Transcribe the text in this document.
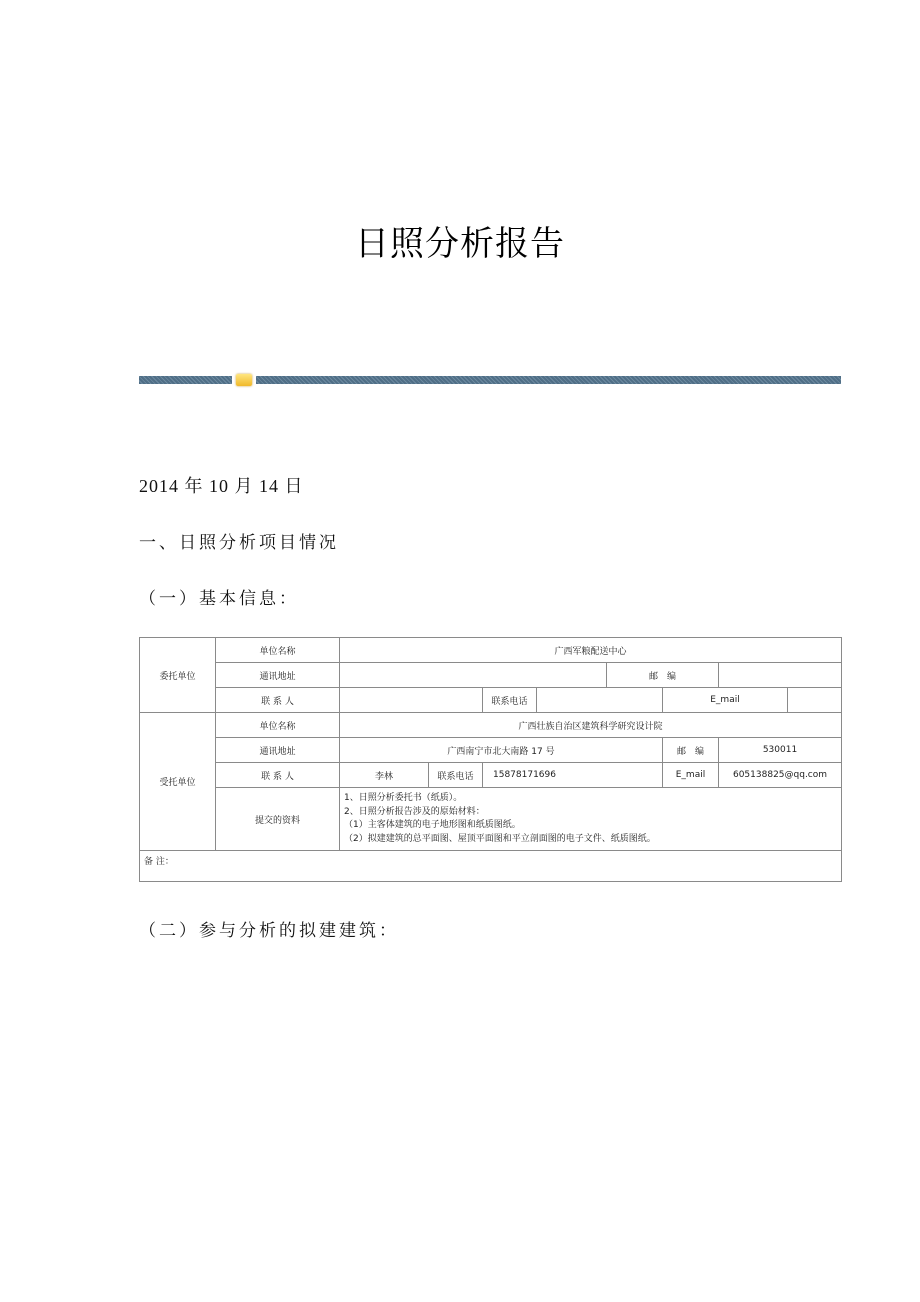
日照分析报告
2014 年 10 月 14 日
一、日照分析项目情况
（一）基本信息：
委托单位	单位名称	广西军粮配送中心							
	通讯地址					邮　编			
	联 系 人			联系电话			E_mail		
受托单位	单位名称	广西壮族自治区建筑科学研究设计院							
	通讯地址	广西南宁市北大南路 17 号					邮　编	530011	
	联 系 人	李林	联系电话	15878171696			E_mail	605138825@qq.com	
	提交的资料	1、日照分析委托书（纸质）。
2、日照分析报告涉及的原始材料：
（1）主客体建筑的电子地形图和纸质图纸。
（2）拟建建筑的总平面图、屋顶平面图和平立剖面图的电子文件、纸质图纸。							

备 注：									
（二）参与分析的拟建建筑：
